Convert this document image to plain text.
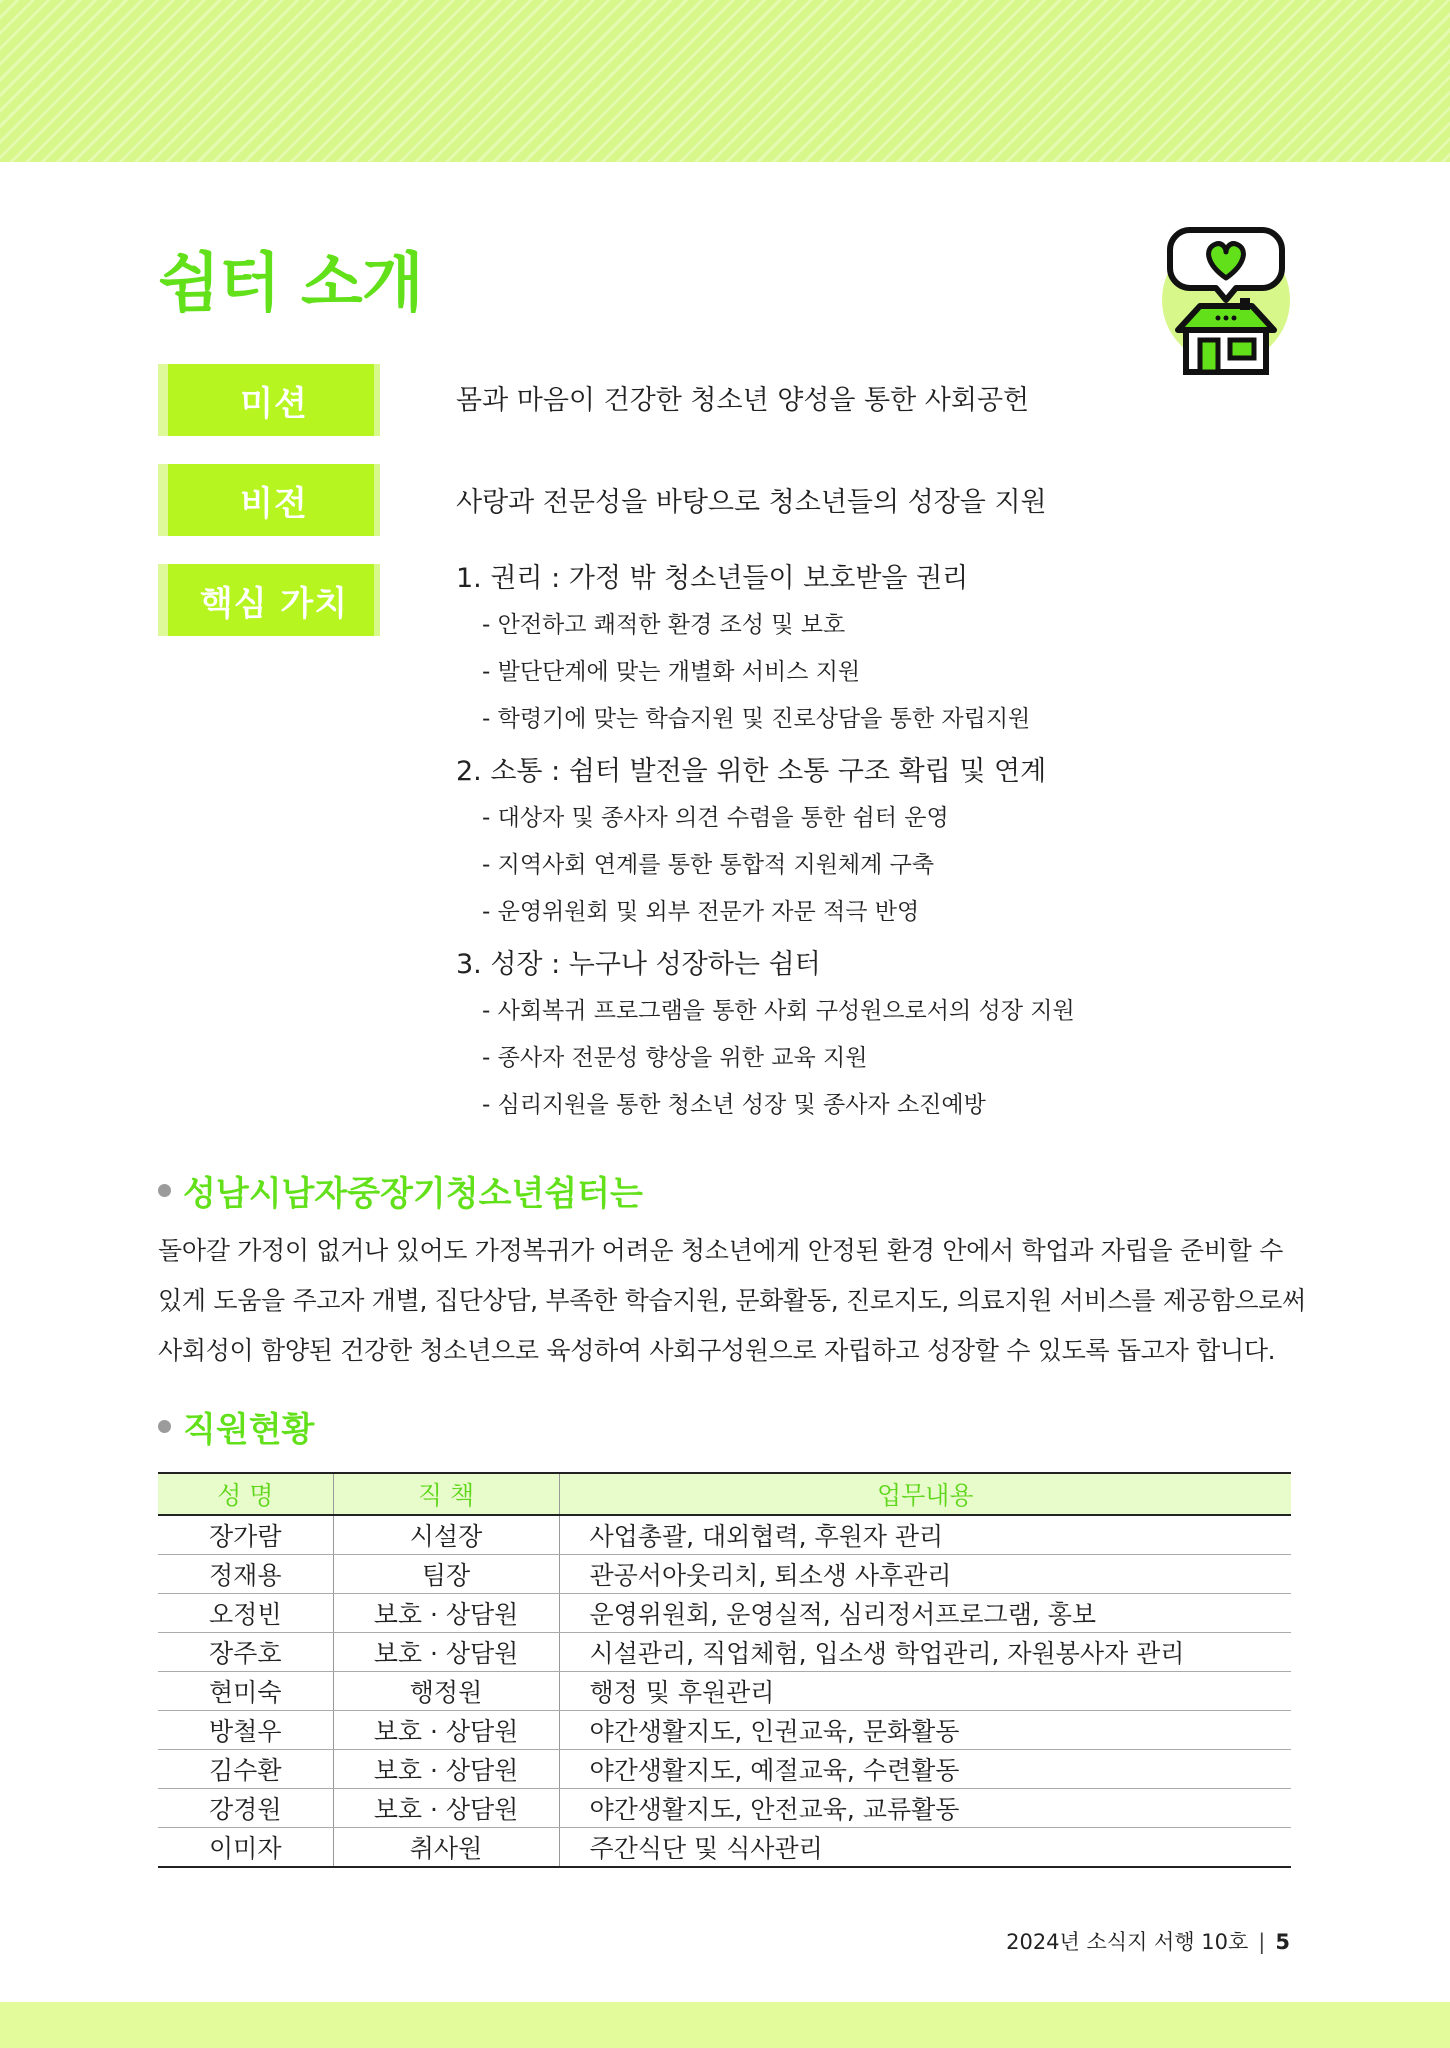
쉼터 소개
미션	몸과 마음이 건강한 청소년 양성을 통한 사회공헌
비전	사랑과 전문성을 바탕으로 청소년들의 성장을 지원
핵심 가치
1. 권리 : 가정 밖 청소년들이 보호받을 권리
- 안전하고 쾌적한 환경 조성 및 보호
- 발단단계에 맞는 개별화 서비스 지원
- 학령기에 맞는 학습지원 및 진로상담을 통한 자립지원
2. 소통 : 쉼터 발전을 위한 소통 구조 확립 및 연계
- 대상자 및 종사자 의견 수렴을 통한 쉼터 운영
- 지역사회 연계를 통한 통합적 지원체계 구축
- 운영위원회 및 외부 전문가 자문 적극 반영
3. 성장 : 누구나 성장하는 쉼터
- 사회복귀 프로그램을 통한 사회 구성원으로서의 성장 지원
- 종사자 전문성 향상을 위한 교육 지원
- 심리지원을 통한 청소년 성장 및 종사자 소진예방
성남시남자중장기청소년쉼터는
돌아갈 가정이 없거나 있어도 가정복귀가 어려운 청소년에게 안정된 환경 안에서 학업과 자립을 준비할 수
있게 도움을 주고자 개별, 집단상담, 부족한 학습지원, 문화활동, 진로지도, 의료지원 서비스를 제공함으로써
사회성이 함양된 건강한 청소년으로 육성하여 사회구성원으로 자립하고 성장할 수 있도록 돕고자 합니다.
직원현황
성 명	직 책	업무내용
장가람	시설장	사업총괄, 대외협력, 후원자 관리
정재용	팀장	관공서아웃리치, 퇴소생 사후관리
오정빈	보호 · 상담원	운영위원회, 운영실적, 심리정서프로그램, 홍보
장주호	보호 · 상담원	시설관리, 직업체험, 입소생 학업관리, 자원봉사자 관리
현미숙	행정원	행정 및 후원관리
방철우	보호 · 상담원	야간생활지도, 인권교육, 문화활동
김수환	보호 · 상담원	야간생활지도, 예절교육, 수련활동
강경원	보호 · 상담원	야간생활지도, 안전교육, 교류활동
이미자	취사원	주간식단 및 식사관리
2024년 소식지 서행 10호 | 5
